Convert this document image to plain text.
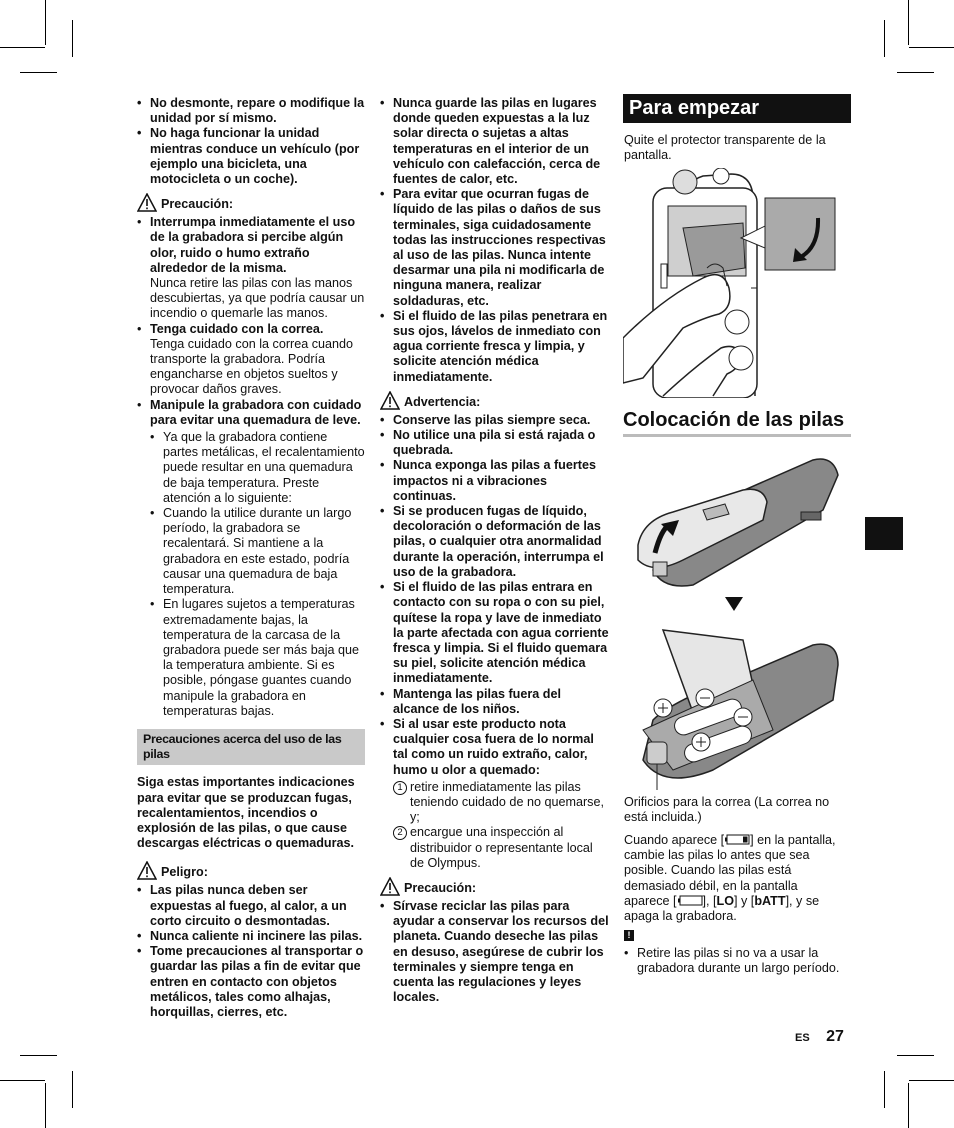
• No desmonte, repare o modifique la unidad por sí mismo.
• No haga funcionar la unidad mientras conduce un vehículo (por ejemplo una bicicleta, una motocicleta o un coche).
Precaución:
• Interrumpa inmediatamente el uso de la grabadora si percibe algún olor, ruido o humo extraño alrededor de la misma.
Nunca retire las pilas con las manos descubiertas, ya que podría causar un incendio o quemarle las manos.
• Tenga cuidado con la correa.
Tenga cuidado con la correa cuando transporte la grabadora. Podría engancharse en objetos sueltos y provocar daños graves.
• Manipule la grabadora con cuidado para evitar una quemadura de leve.
• Ya que la grabadora contiene partes metálicas, el recalentamiento puede resultar en una quemadura de baja temperatura. Preste atención a lo siguiente:
• Cuando la utilice durante un largo período, la grabadora se recalentará. Si mantiene a la grabadora en este estado, podría causar una quemadura de baja temperatura.
• En lugares sujetos a temperaturas extremadamente bajas, la temperatura de la carcasa de la grabadora puede ser más baja que la temperatura ambiente. Si es posible, póngase guantes cuando manipule la grabadora en temperaturas bajas.
Precauciones acerca del uso de las pilas
Siga estas importantes indicaciones para evitar que se produzcan fugas, recalentamientos, incendios o explosión de las pilas, o que cause descargas eléctricas o quemaduras.
Peligro:
• Las pilas nunca deben ser expuestas al fuego, al calor, a un corto circuito o desmontadas.
• Nunca caliente ni incinere las pilas.
• Tome precauciones al transportar o guardar las pilas a fin de evitar que entren en contacto con objetos metálicos, tales como alhajas, horquillas, cierres, etc.
• Nunca guarde las pilas en lugares donde queden expuestas a la luz solar directa o sujetas a altas temperaturas en el interior de un vehículo con calefacción, cerca de fuentes de calor, etc.
• Para evitar que ocurran fugas de líquido de las pilas o daños de sus terminales, siga cuidadosamente todas las instrucciones respectivas al uso de las pilas. Nunca intente desarmar una pila ni modificarla de ninguna manera, realizar soldaduras, etc.
• Si el fluido de las pilas penetrara en sus ojos, lávelos de inmediato con agua corriente fresca y limpia, y solicite atención médica inmediatamente.
Advertencia:
• Conserve las pilas siempre seca.
• No utilice una pila si está rajada o quebrada.
• Nunca exponga las pilas a fuertes impactos ni a vibraciones continuas.
• Si se producen fugas de líquido, decoloración o deformación de las pilas, o cualquier otra anormalidad durante la operación, interrumpa el uso de la grabadora.
• Si el fluido de las pilas entrara en contacto con su ropa o con su piel, quítese la ropa y lave de inmediato la parte afectada con agua corriente fresca y limpia. Si el fluido quemara su piel, solicite atención médica inmediatamente.
• Mantenga las pilas fuera del alcance de los niños.
• Si al usar este producto nota cualquier cosa fuera de lo normal tal como un ruido extraño, calor, humo u olor a quemado:
1 retire inmediatamente las pilas teniendo cuidado de no quemarse, y;
2 encargue una inspección al distribuidor o representante local de Olympus.
Precaución:
• Sírvase reciclar las pilas para ayudar a conservar los recursos del planeta. Cuando deseche las pilas en desuso, asegúrese de cubrir los terminales y siempre tenga en cuenta las regulaciones y leyes locales.
Para empezar
Quite el protector transparente de la pantalla.
Colocación de las pilas
Orificios para la correa (La correa no está incluida.)
Cuando aparece [ ] en la pantalla, cambie las pilas lo antes que sea posible. Cuando las pilas está demasiado débil, en la pantalla aparece [ ], [LO] y [bATT], y se apaga la grabadora.
!
• Retire las pilas si no va a usar la grabadora durante un largo período.
ES 27
